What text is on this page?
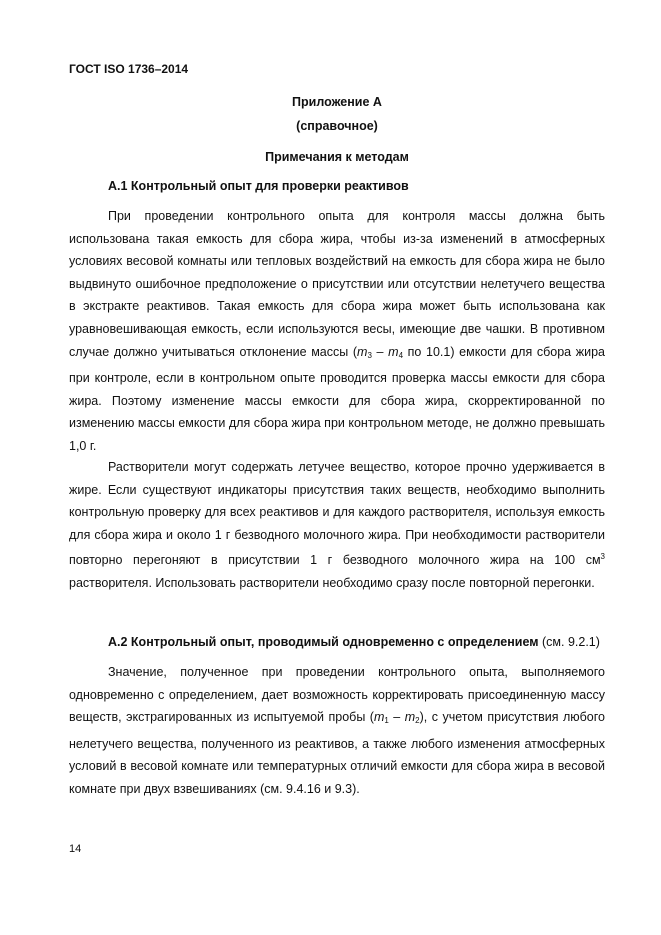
ГОСТ ISO 1736–2014
Приложение А
(справочное)
Примечания к методам
А.1 Контрольный опыт для проверки реактивов

При проведении контрольного опыта для контроля массы должна быть использована такая емкость для сбора жира, чтобы из-за изменений в атмосферных условиях весовой комнаты или тепловых воздействий на емкость для сбора жира не было выдвинуто ошибочное предположение о присутствии или отсутствии нелетучего вещества в экстракте реактивов. Такая емкость для сбора жира может быть использована как уравновешивающая емкость, если используются весы, имеющие две чашки. В противном случае должно учитываться отклонение массы ($m_3 - m_4$ по 10.1) емкости для сбора жира при контроле, если в контрольном опыте проводится проверка массы емкости для сбора жира. Поэтому изменение массы емкости для сбора жира, скорректированной по изменению массы емкости для сбора жира при контрольном методе, не должно превышать 1,0 г.

Растворители могут содержать летучее вещество, которое прочно удерживается в жире. Если существуют индикаторы присутствия таких веществ, необходимо выполнить контрольную проверку для всех реактивов и для каждого растворителя, используя емкость для сбора жира и около 1 г безводного молочного жира. При необходимости растворители повторно перегоняют в присутствии 1 г безводного молочного жира на 100 $см^3$ растворителя. Использовать растворители необходимо сразу после повторной перегонки.

А.2 Контрольный опыт, проводимый одновременно с определением (см. 9.2.1)

Значение, полученное при проведении контрольного опыта, выполняемого одновременно с определением, дает возможность корректировать присоединенную массу веществ, экстрагированных из испытуемой пробы $(m_1 - m_2)$, с учетом присутствия любого нелетучего вещества, полученного из реактивов, а также любого изменения атмосферных условий в весовой комнате или температурных отличий емкости для сбора жира в весовой комнате при двух взвешиваниях (см. 9.4.16 и 9.3).

14
